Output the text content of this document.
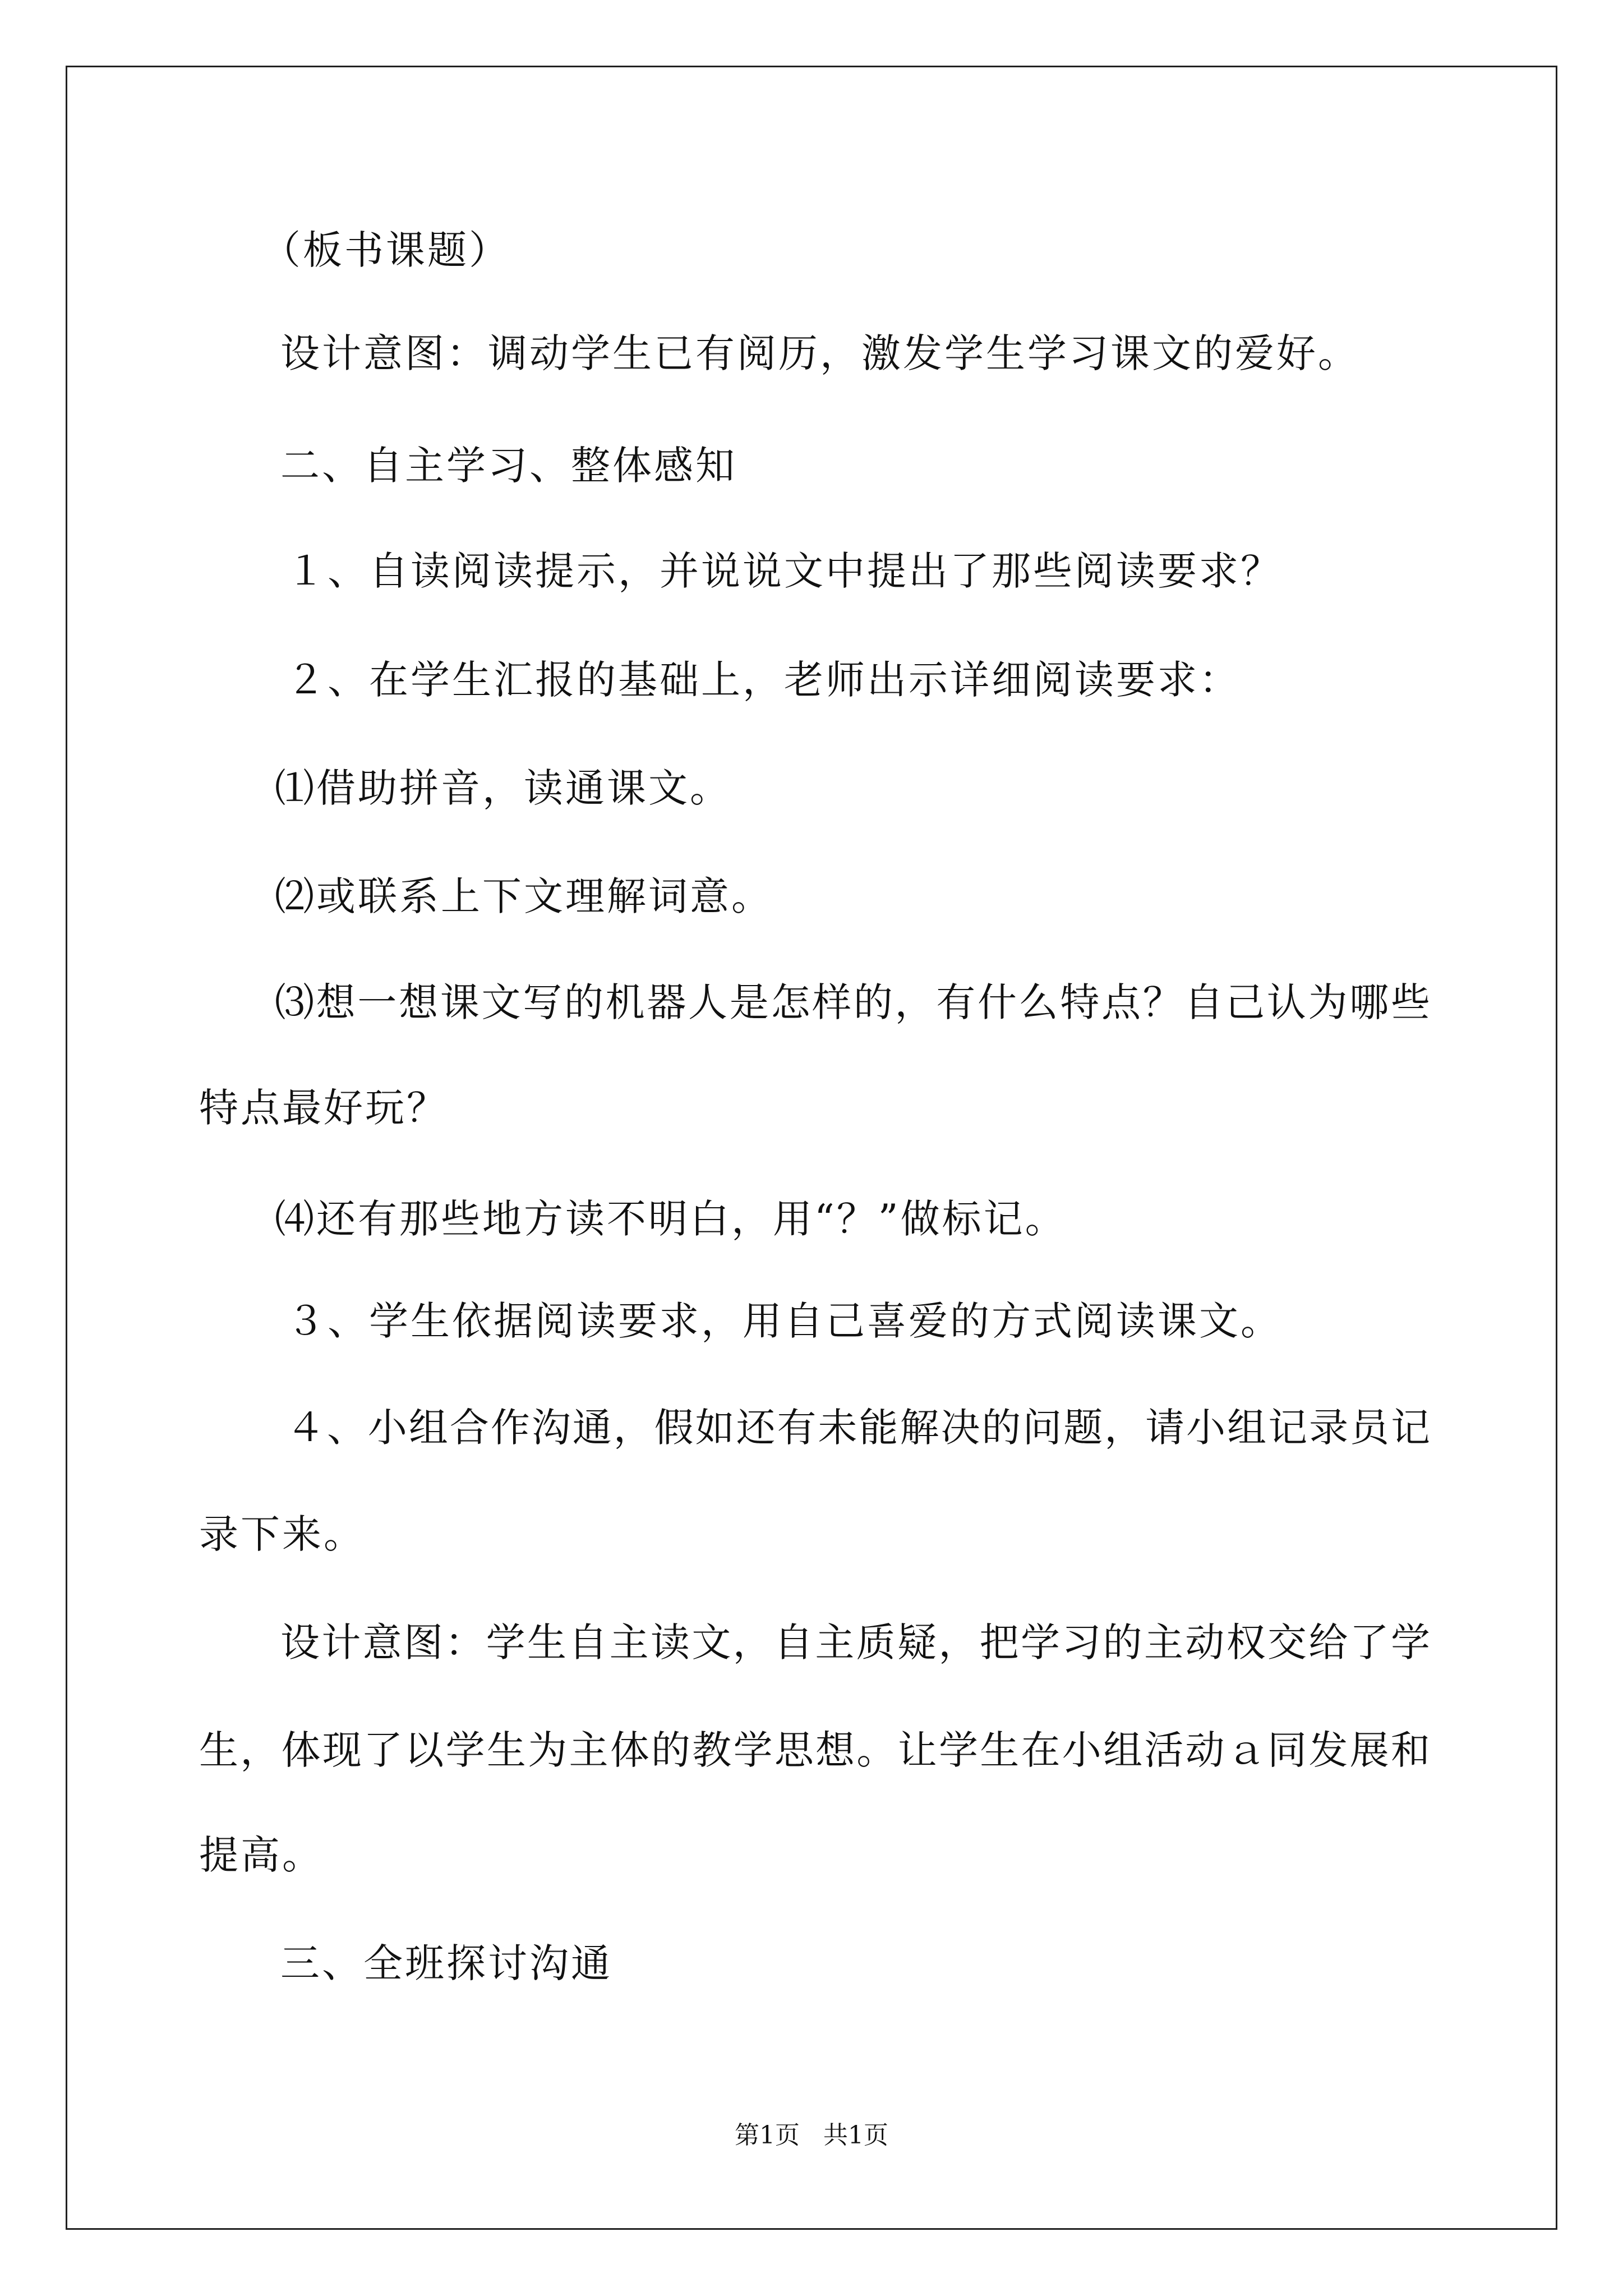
（板书课题）
设计意图：调动学生已有阅历，激发学生学习课文的爱好。
二、自主学习、整体感知
１、自读阅读提示，并说说文中提出了那些阅读要求？
２、在学生汇报的基础上，老师出示详细阅读要求：
⑴借助拼音，读通课文。
⑵或联系上下文理解词意。
⑶想一想课文写的机器人是怎样的，有什么特点？自己认为哪些
特点最好玩？
⑷还有那些地方读不明白，用“？”做标记。
３、学生依据阅读要求，用自己喜爱的方式阅读课文。
４、小组合作沟通，假如还有未能解决的问题，请小组记录员记
录下来。
设计意图：学生自主读文，自主质疑，把学习的主动权交给了学
生，体现了以学生为主体的教学思想。让学生在小组活动ａ同发展和
提高。
三、全班探讨沟通
第1页 共1页
